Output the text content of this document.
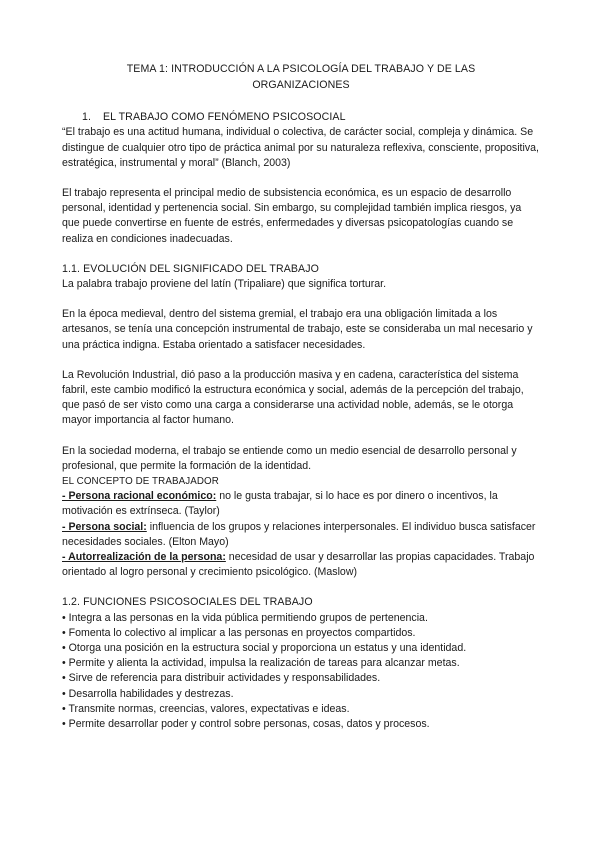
TEMA 1: INTRODUCCIÓN A LA PSICOLOGÍA DEL TRABAJO Y DE LAS
ORGANIZACIONES
1. EL TRABAJO COMO FENÓMENO PSICOSOCIAL

“El trabajo es una actitud humana, individual o colectiva, de carácter social, compleja y dinámica. Se distingue de cualquier otro tipo de práctica animal por su naturaleza reflexiva, consciente, propositiva, estratégica, instrumental y moral” (Blanch, 2003)

El trabajo representa el principal medio de subsistencia económica, es un espacio de desarrollo personal, identidad y pertenencia social. Sin embargo, su complejidad también implica riesgos, ya que puede convertirse en fuente de estrés, enfermedades y diversas psicopatologías cuando se realiza en condiciones inadecuadas.

1.1. EVOLUCIÓN DEL SIGNIFICADO DEL TRABAJO

La palabra trabajo proviene del latín (Tripaliare) que significa torturar.

En la época medieval, dentro del sistema gremial, el trabajo era una obligación limitada a los artesanos, se tenía una concepción instrumental de trabajo, este se consideraba un mal necesario y una práctica indigna. Estaba orientado a satisfacer necesidades.

La Revolución Industrial, dió paso a la producción masiva y en cadena, característica del sistema fabril, este cambio modificó la estructura económica y social, además de la percepción del trabajo, que pasó de ser visto como una carga a considerarse una actividad noble, además, se le otorga mayor importancia al factor humano.

En la sociedad moderna, el trabajo se entiende como un medio esencial de desarrollo personal y profesional, que permite la formación de la identidad.

EL CONCEPTO DE TRABAJADOR

- Persona racional económico: no le gusta trabajar, si lo hace es por dinero o incentivos, la motivación es extrínseca. (Taylor)

- Persona social: influencia de los grupos y relaciones interpersonales. El individuo busca satisfacer necesidades sociales. (Elton Mayo)

- Autorrealización de la persona: necesidad de usar y desarrollar las propias capacidades. Trabajo orientado al logro personal y crecimiento psicológico. (Maslow)

1.2. FUNCIONES PSICOSOCIALES DEL TRABAJO
• Integra a las personas en la vida pública permitiendo grupos de pertenencia.
• Fomenta lo colectivo al implicar a las personas en proyectos compartidos.
• Otorga una posición en la estructura social y proporciona un estatus y una identidad.
• Permite y alienta la actividad, impulsa la realización de tareas para alcanzar metas.
• Sirve de referencia para distribuir actividades y responsabilidades.
• Desarrolla habilidades y destrezas.
• Transmite normas, creencias, valores, expectativas e ideas.
• Permite desarrollar poder y control sobre personas, cosas, datos y procesos.
